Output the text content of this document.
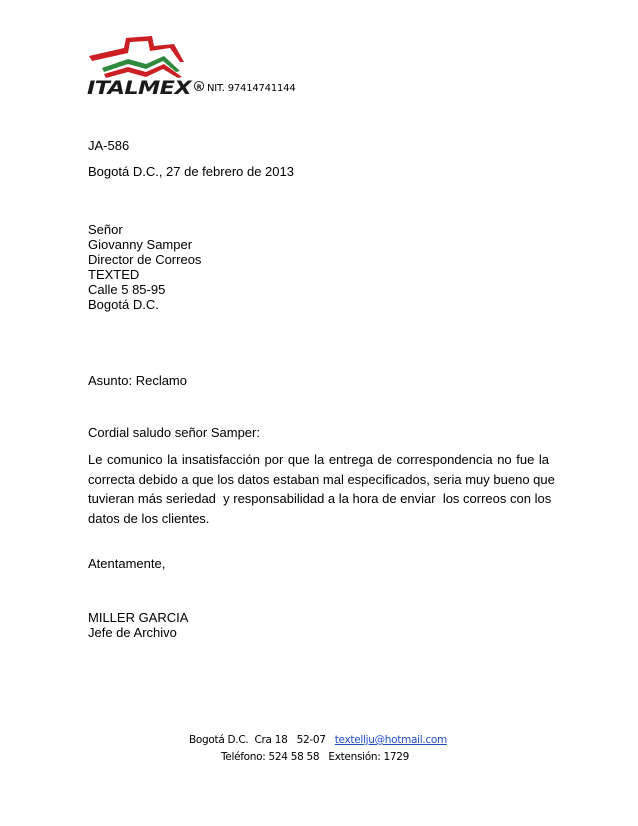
ITALMEX R NIT. 97414741144
JA-586
Bogotá D.C., 27 de febrero de 2013
Señor
Giovanny Samper
Director de Correos
TEXTED
Calle 5 85-95
Bogotá D.C.
Asunto: Reclamo
Cordial saludo señor Samper:
Le comunico la insatisfacción por que la entrega de correspondencia no fue la
correcta debido a que los datos estaban mal especificados, seria muy bueno que
tuvieran más seriedad  y responsabilidad a la hora de enviar  los correos con los
datos de los clientes.
Atentamente,
MILLER GARCIA
Jefe de Archivo
Bogotá D.C.  Cra 18   52-07   textellju@hotmail.com
Teléfono: 524 58 58   Extensión: 1729
